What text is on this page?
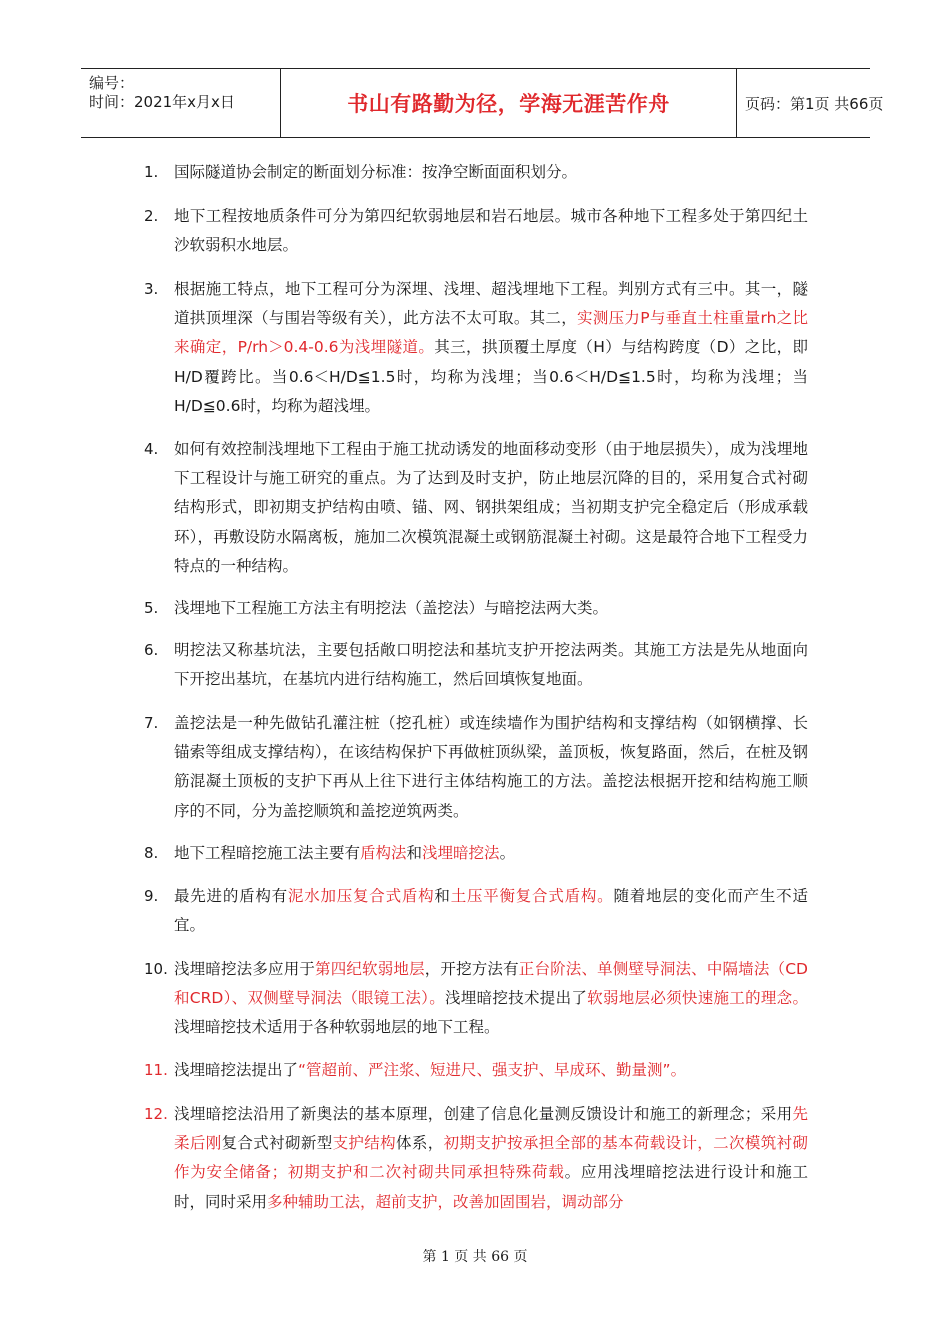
编号：
时间：2021年x月x日	书山有路勤为径，学海无涯苦作舟	页码：第1页 共66页
1. 国际隧道协会制定的断面划分标准：按净空断面面积划分。
2. 地下工程按地质条件可分为第四纪软弱地层和岩石地层。城市各种地下工程多处于第四纪土沙软弱积水地层。
3. 根据施工特点，地下工程可分为深埋、浅埋、超浅埋地下工程。判别方式有三中。其一，隧道拱顶埋深（与围岩等级有关），此方法不太可取。其二，实测压力P与垂直土柱重量rh之比来确定，P/rh＞0.4-0.6为浅埋隧道。其三，拱顶覆土厚度（H）与结构跨度（D）之比，即H/D覆跨比。当0.6＜H/D≦1.5时，均称为浅埋；当0.6＜H/D≦1.5时，均称为浅埋；当H/D≦0.6时，均称为超浅埋。
4. 如何有效控制浅埋地下工程由于施工扰动诱发的地面移动变形（由于地层损失），成为浅埋地下工程设计与施工研究的重点。为了达到及时支护，防止地层沉降的目的，采用复合式衬砌结构形式，即初期支护结构由喷、锚、网、钢拱架组成；当初期支护完全稳定后（形成承载环），再敷设防水隔离板，施加二次模筑混凝土或钢筋混凝土衬砌。这是最符合地下工程受力特点的一种结构。
5. 浅埋地下工程施工方法主有明挖法（盖挖法）与暗挖法两大类。
6. 明挖法又称基坑法，主要包括敞口明挖法和基坑支护开挖法两类。其施工方法是先从地面向下开挖出基坑，在基坑内进行结构施工，然后回填恢复地面。
7. 盖挖法是一种先做钻孔灌注桩（挖孔桩）或连续墙作为围护结构和支撑结构（如钢横撑、长锚索等组成支撑结构），在该结构保护下再做桩顶纵梁，盖顶板，恢复路面，然后，在桩及钢筋混凝土顶板的支护下再从上往下进行主体结构施工的方法。盖挖法根据开挖和结构施工顺序的不同，分为盖挖顺筑和盖挖逆筑两类。
8. 地下工程暗挖施工法主要有盾构法和浅埋暗挖法。
9. 最先进的盾构有泥水加压复合式盾构和土压平衡复合式盾构。随着地层的变化而产生不适宜。
10. 浅埋暗挖法多应用于第四纪软弱地层，开挖方法有正台阶法、单侧壁导洞法、中隔墙法（CD和CRD）、双侧壁导洞法（眼镜工法）。浅埋暗挖技术提出了软弱地层必须快速施工的理念。浅埋暗挖技术适用于各种软弱地层的地下工程。
11. 浅埋暗挖法提出了“管超前、严注浆、短进尺、强支护、早成环、勤量测”。
12. 浅埋暗挖法沿用了新奥法的基本原理，创建了信息化量测反馈设计和施工的新理念；采用先柔后刚复合式衬砌新型支护结构体系，初期支护按承担全部的基本荷载设计，二次模筑衬砌作为安全储备；初期支护和二次衬砌共同承担特殊荷载。应用浅埋暗挖法进行设计和施工时，同时采用多种辅助工法，超前支护，改善加固围岩，调动部分
第 1 页 共 66 页
